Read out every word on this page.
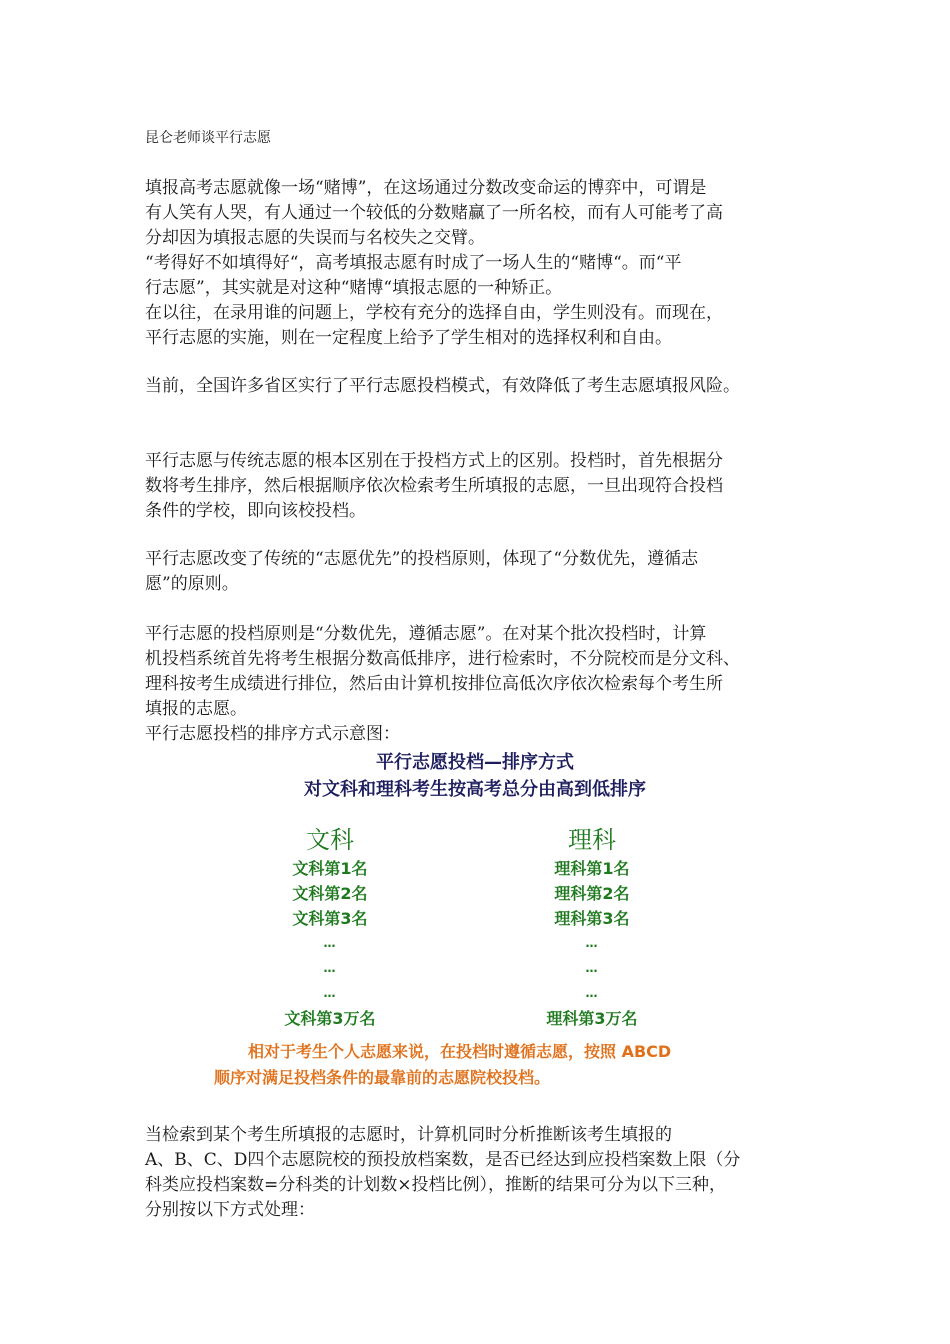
昆仑老师谈平行志愿
填报高考志愿就像一场“赌博”，在这场通过分数改变命运的博弈中，可谓是
有人笑有人哭，有人通过一个较低的分数赌赢了一所名校，而有人可能考了高
分却因为填报志愿的失误而与名校失之交臂。
“考得好不如填得好“，高考填报志愿有时成了一场人生的“赌博“。而“平
行志愿”，其实就是对这种“赌博“填报志愿的一种矫正。
在以往，在录用谁的问题上，学校有充分的选择自由，学生则没有。而现在，
平行志愿的实施，则在一定程度上给予了学生相对的选择权利和自由。
当前，全国许多省区实行了平行志愿投档模式，有效降低了考生志愿填报风险。
平行志愿与传统志愿的根本区别在于投档方式上的区别。投档时，首先根据分
数将考生排序，然后根据顺序依次检索考生所填报的志愿，一旦出现符合投档
条件的学校，即向该校投档。
平行志愿改变了传统的“志愿优先”的投档原则，体现了“分数优先，遵循志
愿”的原则。
平行志愿的投档原则是“分数优先，遵循志愿”。在对某个批次投档时，计算
机投档系统首先将考生根据分数高低排序，进行检索时，不分院校而是分文科、
理科按考生成绩进行排位，然后由计算机按排位高低次序依次检索每个考生所
填报的志愿。
平行志愿投档的排序方式示意图：
平行志愿投档—排序方式
对文科和理科考生按高考总分由高到低排序
文科
文科第1名
文科第2名
文科第3名
…
…
…
文科第3万名
理科
理科第1名
理科第2名
理科第3名
…
…
…
理科第3万名
相对于考生个人志愿来说，在投档时遵循志愿，按照 ABCD
顺序对满足投档条件的最靠前的志愿院校投档。
当检索到某个考生所填报的志愿时，计算机同时分析推断该考生填报的
A、B、C、D四个志愿院校的预投放档案数，是否已经达到应投档案数上限（分
科类应投档案数=分科类的计划数×投档比例），推断的结果可分为以下三种，
分别按以下方式处理：
